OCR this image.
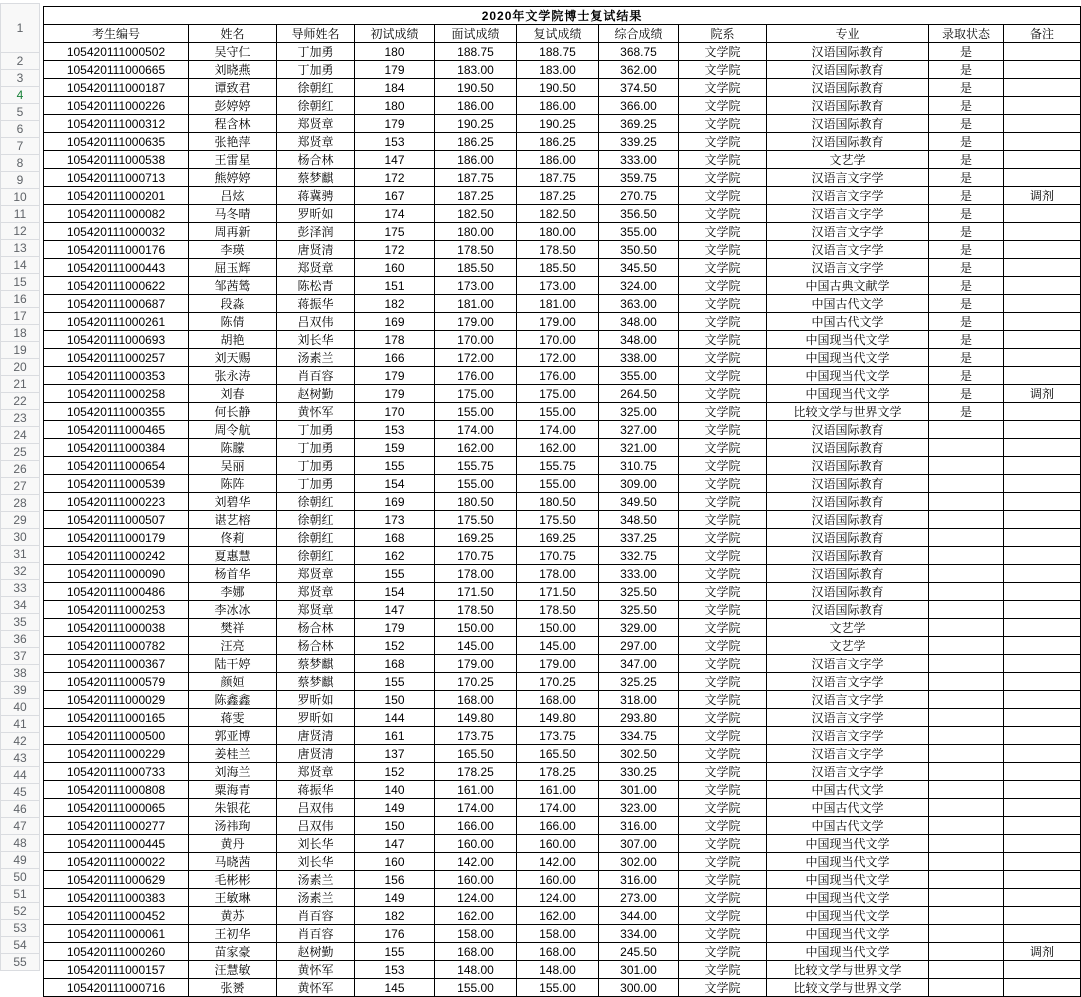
1
2
3
4
5
6
7
8
9
10
11
12
13
14
15
16
17
18
19
20
21
22
23
24
25
26
27
28
29
30
31
32
33
34
35
36
37
38
39
40
41
42
43
44
45
46
47
48
49
50
51
52
53
54
55
2020年文学院博士复试结果										
考生编号	姓名	导师姓名	初试成绩	面试成绩	复试成绩	综合成绩	院系	专业	录取状态	备注
105420111000502	吴守仁	丁加勇	180	188.75	188.75	368.75	文学院	汉语国际教育	是	
105420111000665	刘晓燕	丁加勇	179	183.00	183.00	362.00	文学院	汉语国际教育	是	
105420111000187	谭致君	徐朝红	184	190.50	190.50	374.50	文学院	汉语国际教育	是	
105420111000226	彭婷婷	徐朝红	180	186.00	186.00	366.00	文学院	汉语国际教育	是	
105420111000312	程含林	郑贤章	179	190.25	190.25	369.25	文学院	汉语国际教育	是	
105420111000635	张艳萍	郑贤章	153	186.25	186.25	339.25	文学院	汉语国际教育	是	
105420111000538	王雷星	杨合林	147	186.00	186.00	333.00	文学院	文艺学	是	
105420111000713	熊婷婷	蔡梦麒	172	187.75	187.75	359.75	文学院	汉语言文字学	是	
105420111000201	吕炫	蒋冀骋	167	187.25	187.25	270.75	文学院	汉语言文字学	是	调剂
105420111000082	马冬晴	罗昕如	174	182.50	182.50	356.50	文学院	汉语言文字学	是	
105420111000032	周再新	彭泽润	175	180.00	180.00	355.00	文学院	汉语言文字学	是	
105420111000176	李瑛	唐贤清	172	178.50	178.50	350.50	文学院	汉语言文字学	是	
105420111000443	屈玉辉	郑贤章	160	185.50	185.50	345.50	文学院	汉语言文字学	是	
105420111000622	邹茜鸶	陈松青	151	173.00	173.00	324.00	文学院	中国古典文献学	是	
105420111000687	段淼	蒋振华	182	181.00	181.00	363.00	文学院	中国古代文学	是	
105420111000261	陈倩	吕双伟	169	179.00	179.00	348.00	文学院	中国古代文学	是	
105420111000693	胡艳	刘长华	178	170.00	170.00	348.00	文学院	中国现当代文学	是	
105420111000257	刘天赐	汤素兰	166	172.00	172.00	338.00	文学院	中国现当代文学	是	
105420111000353	张永涛	肖百容	179	176.00	176.00	355.00	文学院	中国现当代文学	是	
105420111000258	刘春	赵树勤	179	175.00	175.00	264.50	文学院	中国现当代文学	是	调剂
105420111000355	何长静	黄怀军	170	155.00	155.00	325.00	文学院	比较文学与世界文学	是	
105420111000465	周令航	丁加勇	153	174.00	174.00	327.00	文学院	汉语国际教育		
105420111000384	陈朦	丁加勇	159	162.00	162.00	321.00	文学院	汉语国际教育		
105420111000654	吴丽	丁加勇	155	155.75	155.75	310.75	文学院	汉语国际教育		
105420111000539	陈阵	丁加勇	154	155.00	155.00	309.00	文学院	汉语国际教育		
105420111000223	刘碧华	徐朝红	169	180.50	180.50	349.50	文学院	汉语国际教育		
105420111000507	谌艺榕	徐朝红	173	175.50	175.50	348.50	文学院	汉语国际教育		
105420111000179	佟莉	徐朝红	168	169.25	169.25	337.25	文学院	汉语国际教育		
105420111000242	夏惠慧	徐朝红	162	170.75	170.75	332.75	文学院	汉语国际教育		
105420111000090	杨首华	郑贤章	155	178.00	178.00	333.00	文学院	汉语国际教育		
105420111000486	李娜	郑贤章	154	171.50	171.50	325.50	文学院	汉语国际教育		
105420111000253	李冰冰	郑贤章	147	178.50	178.50	325.50	文学院	汉语国际教育		
105420111000038	樊祥	杨合林	179	150.00	150.00	329.00	文学院	文艺学		
105420111000782	汪亮	杨合林	152	145.00	145.00	297.00	文学院	文艺学		
105420111000367	陆干婷	蔡梦麒	168	179.00	179.00	347.00	文学院	汉语言文字学		
105420111000579	颜姮	蔡梦麒	155	170.25	170.25	325.25	文学院	汉语言文字学		
105420111000029	陈鑫鑫	罗昕如	150	168.00	168.00	318.00	文学院	汉语言文字学		
105420111000165	蒋雯	罗昕如	144	149.80	149.80	293.80	文学院	汉语言文字学		
105420111000500	郭亚博	唐贤清	161	173.75	173.75	334.75	文学院	汉语言文字学		
105420111000229	姜桂兰	唐贤清	137	165.50	165.50	302.50	文学院	汉语言文字学		
105420111000733	刘海兰	郑贤章	152	178.25	178.25	330.25	文学院	汉语言文字学		
105420111000808	粟海青	蒋振华	140	161.00	161.00	301.00	文学院	中国古代文学		
105420111000065	朱银花	吕双伟	149	174.00	174.00	323.00	文学院	中国古代文学		
105420111000277	汤祎珣	吕双伟	150	166.00	166.00	316.00	文学院	中国古代文学		
105420111000445	黄丹	刘长华	147	160.00	160.00	307.00	文学院	中国现当代文学		
105420111000022	马晓茜	刘长华	160	142.00	142.00	302.00	文学院	中国现当代文学		
105420111000629	毛彬彬	汤素兰	156	160.00	160.00	316.00	文学院	中国现当代文学		
105420111000383	王敏琳	汤素兰	149	124.00	124.00	273.00	文学院	中国现当代文学		
105420111000452	黄苏	肖百容	182	162.00	162.00	344.00	文学院	中国现当代文学		
105420111000061	王初华	肖百容	176	158.00	158.00	334.00	文学院	中国现当代文学		
105420111000260	苗家豪	赵树勤	155	168.00	168.00	245.50	文学院	中国现当代文学		调剂
105420111000157	汪慧敏	黄怀军	153	148.00	148.00	301.00	文学院	比较文学与世界文学		
105420111000716	张赟	黄怀军	145	155.00	155.00	300.00	文学院	比较文学与世界文学		
